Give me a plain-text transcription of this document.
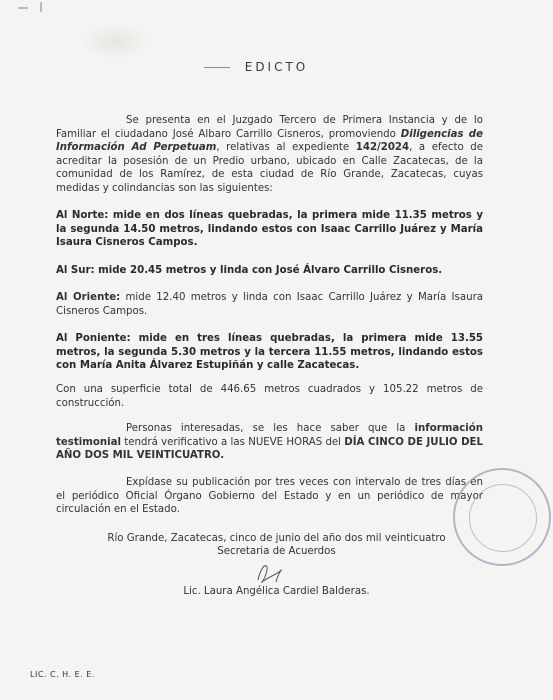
EDICTO
Se presenta en el Juzgado Tercero de Primera Instancia y de lo Familiar el ciudadano José Albaro Carrillo Cisneros, promoviendo Diligencias de Información Ad Perpetuam, relativas al expediente 142/2024, a efecto de acreditar la posesión de un Predio urbano, ubicado en Calle Zacatecas, de la comunidad de los Ramírez, de esta ciudad de Río Grande, Zacatecas, cuyas medidas y colindancias son las siguientes:
Al Norte: mide en dos líneas quebradas, la primera mide 11.35 metros y la segunda 14.50 metros, lindando estos con Isaac Carrillo Juárez y María Isaura Cisneros Campos.
Al Sur: mide 20.45 metros y linda con José Álvaro Carrillo Cisneros.
Al Oriente: mide 12.40 metros y linda con Isaac Carrillo Juárez y María Isaura Cisneros Campos.
Al Poniente: mide en tres líneas quebradas, la primera mide 13.55 metros, la segunda 5.30 metros y la tercera 11.55 metros, lindando estos con María Anita Álvarez Estupiñán y calle Zacatecas.
Con una superficie total de 446.65 metros cuadrados y 105.22 metros de construcción.
Personas interesadas, se les hace saber que la información testimonial tendrá verificativo a las NUEVE HORAS del DÍA CINCO DE JULIO DEL AÑO DOS MIL VEINTICUATRO.
Expídase su publicación por tres veces con intervalo de tres días en el periódico Oficial Órgano Gobierno del Estado y en un periódico de mayor circulación en el Estado.
Río Grande, Zacatecas, cinco de junio del año dos mil veinticuatro
Secretaria de Acuerdos
Lic. Laura Angélica Cardiel Balderas.
LIC. C. H. E. E.
